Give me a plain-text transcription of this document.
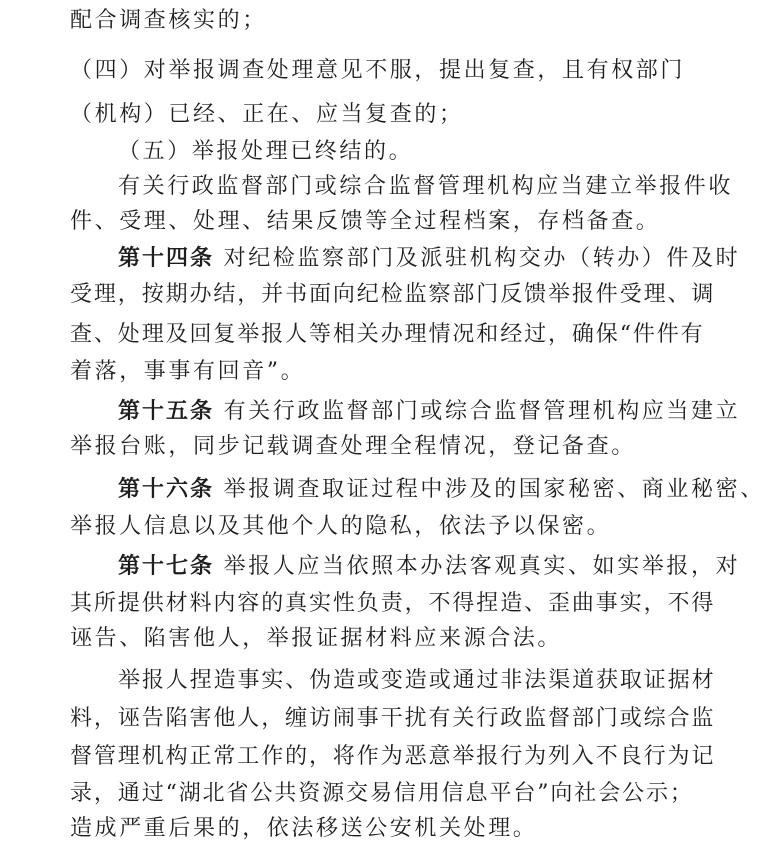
配合调查核实的；
（四）对举报调查处理意见不服，提出复查，且有权部门
（机构）已经、正在、应当复查的；
（五）举报处理已终结的。
有关行政监督部门或综合监督管理机构应当建立举报件收
件、受理、处理、结果反馈等全过程档案，存档备查。
第十四条 对纪检监察部门及派驻机构交办（转办）件及时
受理，按期办结，并书面向纪检监察部门反馈举报件受理、调
查、处理及回复举报人等相关办理情况和经过，确保“件件有
着落，事事有回音”。
第十五条 有关行政监督部门或综合监督管理机构应当建立
举报台账，同步记载调查处理全程情况，登记备查。
第十六条 举报调查取证过程中涉及的国家秘密、商业秘密、
举报人信息以及其他个人的隐私，依法予以保密。
第十七条 举报人应当依照本办法客观真实、如实举报，对
其所提供材料内容的真实性负责，不得捏造、歪曲事实，不得
诬告、陷害他人，举报证据材料应来源合法。
举报人捏造事实、伪造或变造或通过非法渠道获取证据材
料，诬告陷害他人，缠访闹事干扰有关行政监督部门或综合监
督管理机构正常工作的，将作为恶意举报行为列入不良行为记
录，通过“湖北省公共资源交易信用信息平台”向社会公示；
造成严重后果的，依法移送公安机关处理。
